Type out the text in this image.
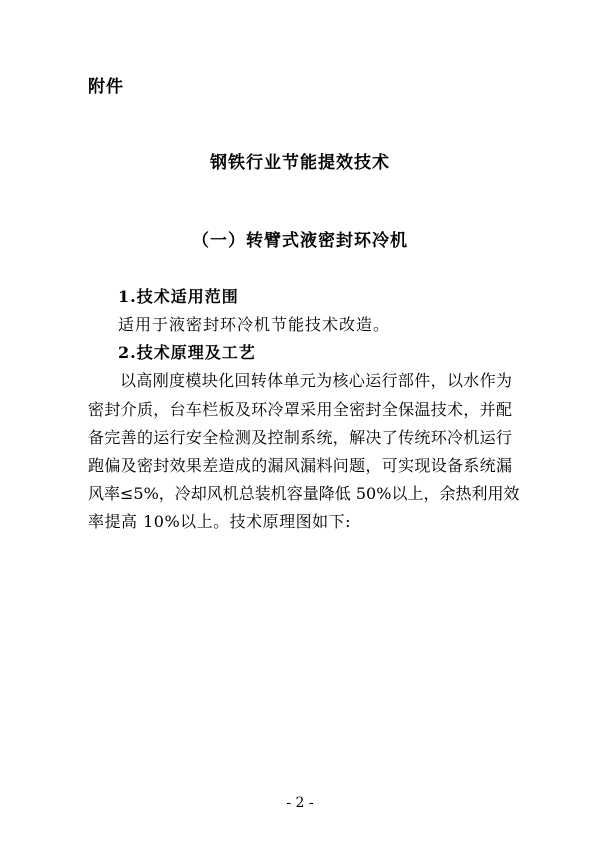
附件
钢铁行业节能提效技术
（一）转臂式液密封环冷机
1.技术适用范围
适用于液密封环冷机节能技术改造。
2.技术原理及工艺
以高刚度模块化回转体单元为核心运行部件，以水作为
密封介质，台车栏板及环冷罩采用全密封全保温技术，并配
备完善的运行安全检测及控制系统，解决了传统环冷机运行
跑偏及密封效果差造成的漏风漏料问题，可实现设备系统漏
风率≤5%，冷却风机总装机容量降低 50%以上，余热利用效
率提高 10%以上。技术原理图如下:
- 2 -
